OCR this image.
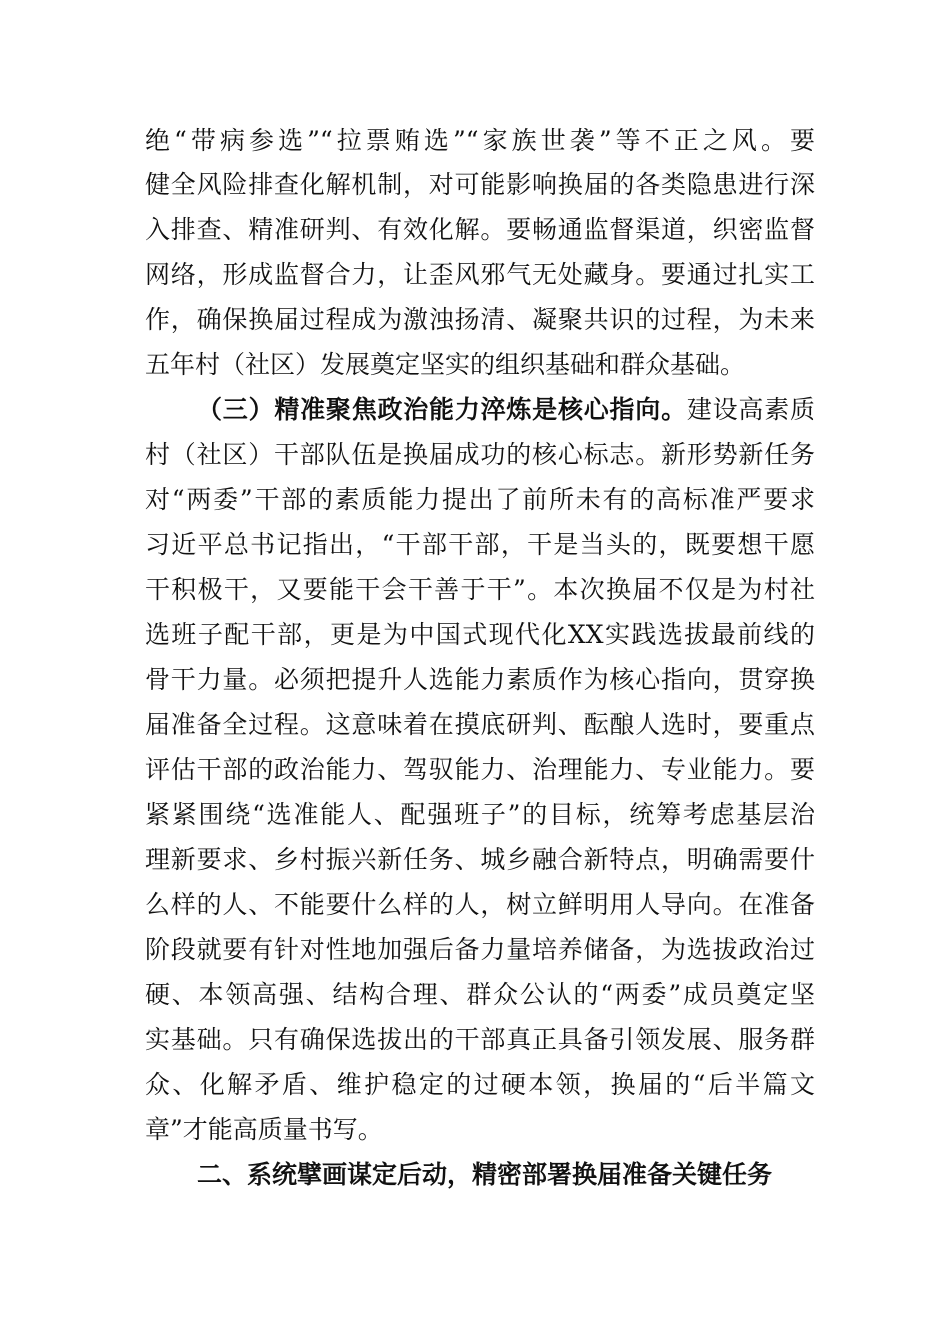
绝“带病参选”“拉票贿选”“家族世袭”等不正之风。要
健全风险排查化解机制，对可能影响换届的各类隐患进行深
入排查、精准研判、有效化解。要畅通监督渠道，织密监督
网络，形成监督合力，让歪风邪气无处藏身。要通过扎实工
作，确保换届过程成为激浊扬清、凝聚共识的过程，为未来
五年村（社区）发展奠定坚实的组织基础和群众基础。
（三）精准聚焦政治能力淬炼是核心指向。建设高素质
村（社区）干部队伍是换届成功的核心标志。新形势新任务
对“两委”干部的素质能力提出了前所未有的高标准严要求
习近平总书记指出，“干部干部，干是当头的，既要想干愿
干积极干，又要能干会干善于干”。本次换届不仅是为村社
选班子配干部，更是为中国式现代化XX实践选拔最前线的
骨干力量。必须把提升人选能力素质作为核心指向，贯穿换
届准备全过程。这意味着在摸底研判、酝酿人选时，要重点
评估干部的政治能力、驾驭能力、治理能力、专业能力。要
紧紧围绕“选准能人、配强班子”的目标，统筹考虑基层治
理新要求、乡村振兴新任务、城乡融合新特点，明确需要什
么样的人、不能要什么样的人，树立鲜明用人导向。在准备
阶段就要有针对性地加强后备力量培养储备，为选拔政治过
硬、本领高强、结构合理、群众公认的“两委”成员奠定坚
实基础。只有确保选拔出的干部真正具备引领发展、服务群
众、化解矛盾、维护稳定的过硬本领，换届的“后半篇文
章”才能高质量书写。
二、系统擘画谋定后动，精密部署换届准备关键任务
